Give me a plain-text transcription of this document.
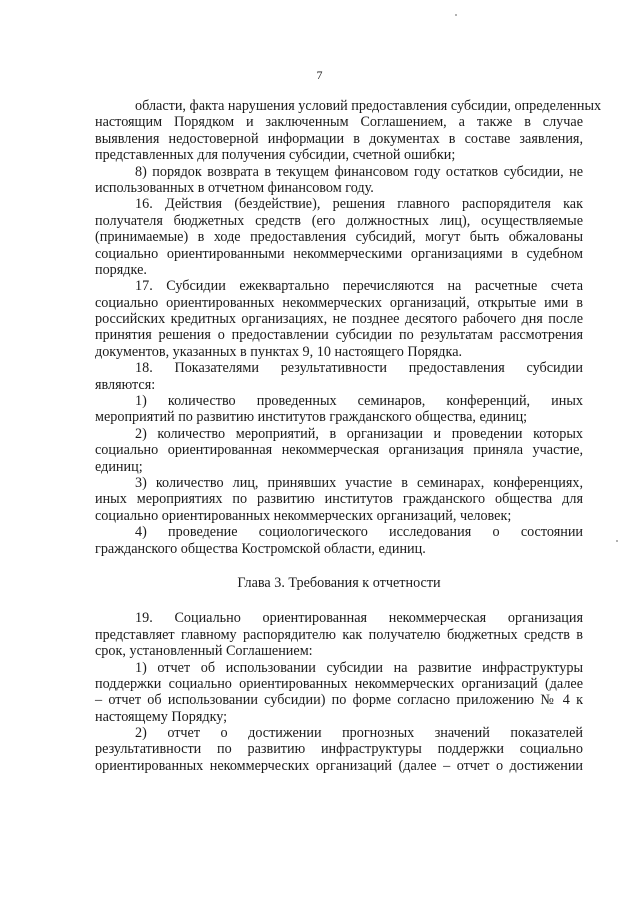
7
области, факта нарушения условий предоставления субсидии, определенных
настоящим Порядком и заключенным Соглашением, а также в случае
выявления недостоверной информации в документах в составе заявления,
представленных для получения субсидии, счетной ошибки;
8) порядок возврата в текущем финансовом году остатков субсидии, не
использованных в отчетном финансовом году.
16. Действия (бездействие), решения главного распорядителя как
получателя бюджетных средств (его должностных лиц), осуществляемые
(принимаемые) в ходе предоставления субсидий, могут быть обжалованы
социально ориентированными некоммерческими организациями в судебном
порядке.
17. Субсидии ежеквартально перечисляются на расчетные счета
социально ориентированных некоммерческих организаций, открытые ими в
российских кредитных организациях, не позднее десятого рабочего дня после
принятия решения о предоставлении субсидии по результатам рассмотрения
документов, указанных в пунктах 9, 10 настоящего Порядка.
18. Показателями результативности предоставления субсидии
являются:
1) количество проведенных семинаров, конференций, иных
мероприятий по развитию институтов гражданского общества, единиц;
2) количество мероприятий, в организации и проведении которых
социально ориентированная некоммерческая организация приняла участие,
единиц;
3) количество лиц, принявших участие в семинарах, конференциях,
иных мероприятиях по развитию институтов гражданского общества для
социально ориентированных некоммерческих организаций, человек;
4) проведение социологического исследования о состоянии
гражданского общества Костромской области, единиц.
Глава 3. Требования к отчетности
19. Социально ориентированная некоммерческая организация
представляет главному распорядителю как получателю бюджетных средств в
срок, установленный Соглашением:
1) отчет об использовании субсидии на развитие инфраструктуры
поддержки социально ориентированных некоммерческих организаций (далее
– отчет об использовании субсидии) по форме согласно приложению № 4 к
настоящему Порядку;
2) отчет о достижении прогнозных значений показателей
результативности по развитию инфраструктуры поддержки социально
ориентированных некоммерческих организаций (далее – отчет о достижении
